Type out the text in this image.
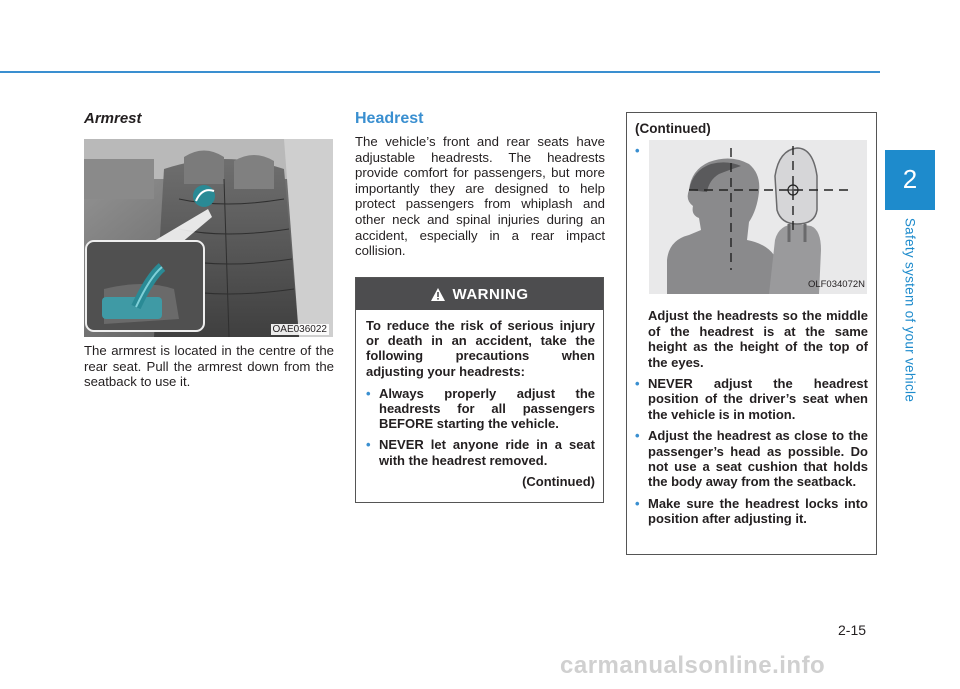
2
Safety system of your vehicle
Armrest
OAE036022

The armrest is located in the centre of the rear seat. Pull the armrest down from the seatback to use it.

Headrest

The vehicle’s front and rear seats have adjustable headrests. The headrests provide comfort for passengers, but more importantly they are designed to help protect passengers from whiplash and other neck and spinal injuries during an accident, especially in a rear impact collision.

WARNING

To reduce the risk of serious injury or death in an accident, take the following precautions when adjusting your headrests:

• Always properly adjust the headrests for all passengers BEFORE starting the vehicle.
• NEVER let anyone ride in a seat with the headrest removed.
(Continued)

(Continued)

•
OLF034072N
Adjust the headrests so the middle of the headrest is at the same height as the height of the top of the eyes.
• NEVER adjust the headrest position of the driver’s seat when the vehicle is in motion.
• Adjust the headrest as close to the passenger’s head as possible. Do not use a seat cushion that holds the body away from the seatback.
• Make sure the headrest locks into position after adjusting it.
2-15
carmanualsonline.info
